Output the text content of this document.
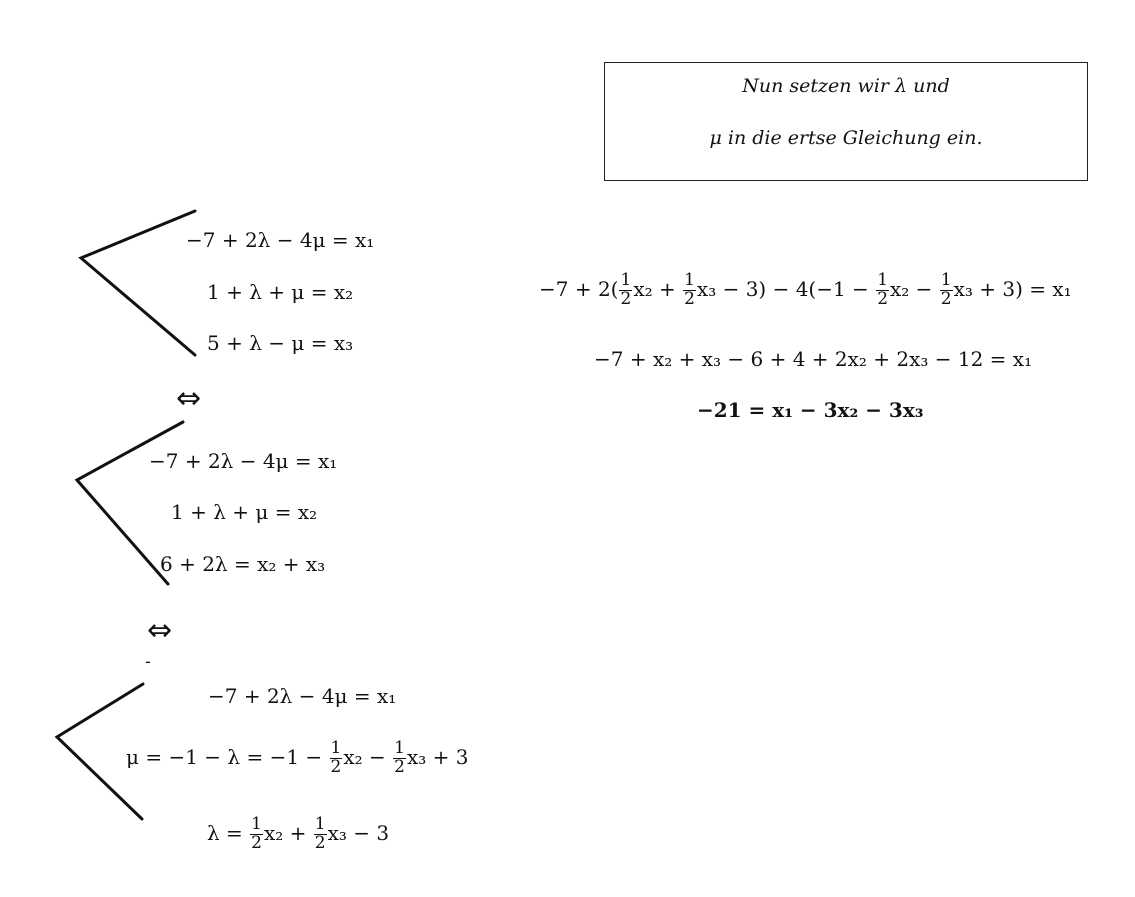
Nun setzen wir λ und

μ in die ertse Gleichung ein.

−7 + 2λ − 4μ = x₁
1 + λ + μ = x₂
5 + λ − μ = x₃
⇔
−7 + 2λ − 4μ = x₁
1 + λ + μ = x₂
6 + 2λ = x₂ + x₃
⇔
-
−7 + 2λ − 4μ = x₁
$\mu = -1 - \lambda = -1 - \frac{1}{2} x_2 - \frac{1}{2} x_3 + 3$
$\lambda = \frac{1}{2} x_2 + \frac{1}{2} x_3 - 3$
$-7 + 2( \frac{1}{2} x_2 + \frac{1}{2} x_3 - 3) - 4(-1 - \frac{1}{2} x_2 - \frac{1}{2} x_3 + 3) = x_1$
−7 + x₂ + x₃ − 6 + 4 + 2x₂ + 2x₃ − 12 = x₁
−21 = x₁ − 3x₂ − 3x₃
